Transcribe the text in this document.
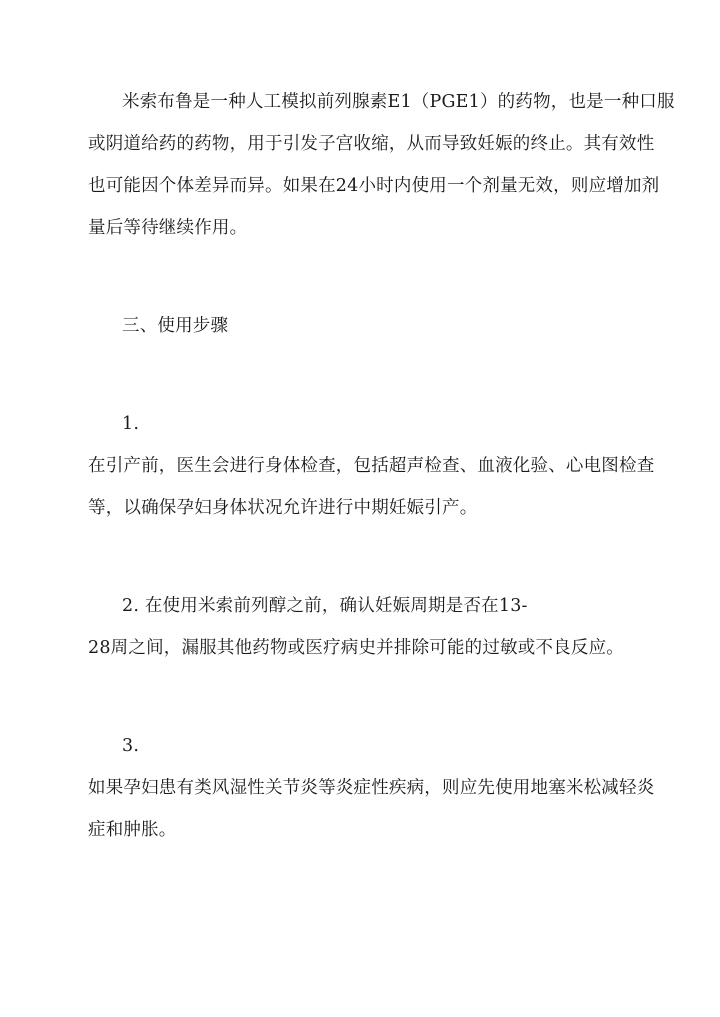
米索布鲁是一种人工模拟前列腺素E1（PGE1）的药物，也是一种口服
或阴道给药的药物，用于引发子宫收缩，从而导致妊娠的终止。其有效性
也可能因个体差异而异。如果在24小时内使用一个剂量无效，则应增加剂
量后等待继续作用。
三、使用步骤
1.
在引产前，医生会进行身体检查，包括超声检查、血液化验、心电图检查
等，以确保孕妇身体状况允许进行中期妊娠引产。
2. 在使用米索前列醇之前，确认妊娠周期是否在13-
28周之间，漏服其他药物或医疗病史并排除可能的过敏或不良反应。
3.
如果孕妇患有类风湿性关节炎等炎症性疾病，则应先使用地塞米松减轻炎
症和肿胀。
